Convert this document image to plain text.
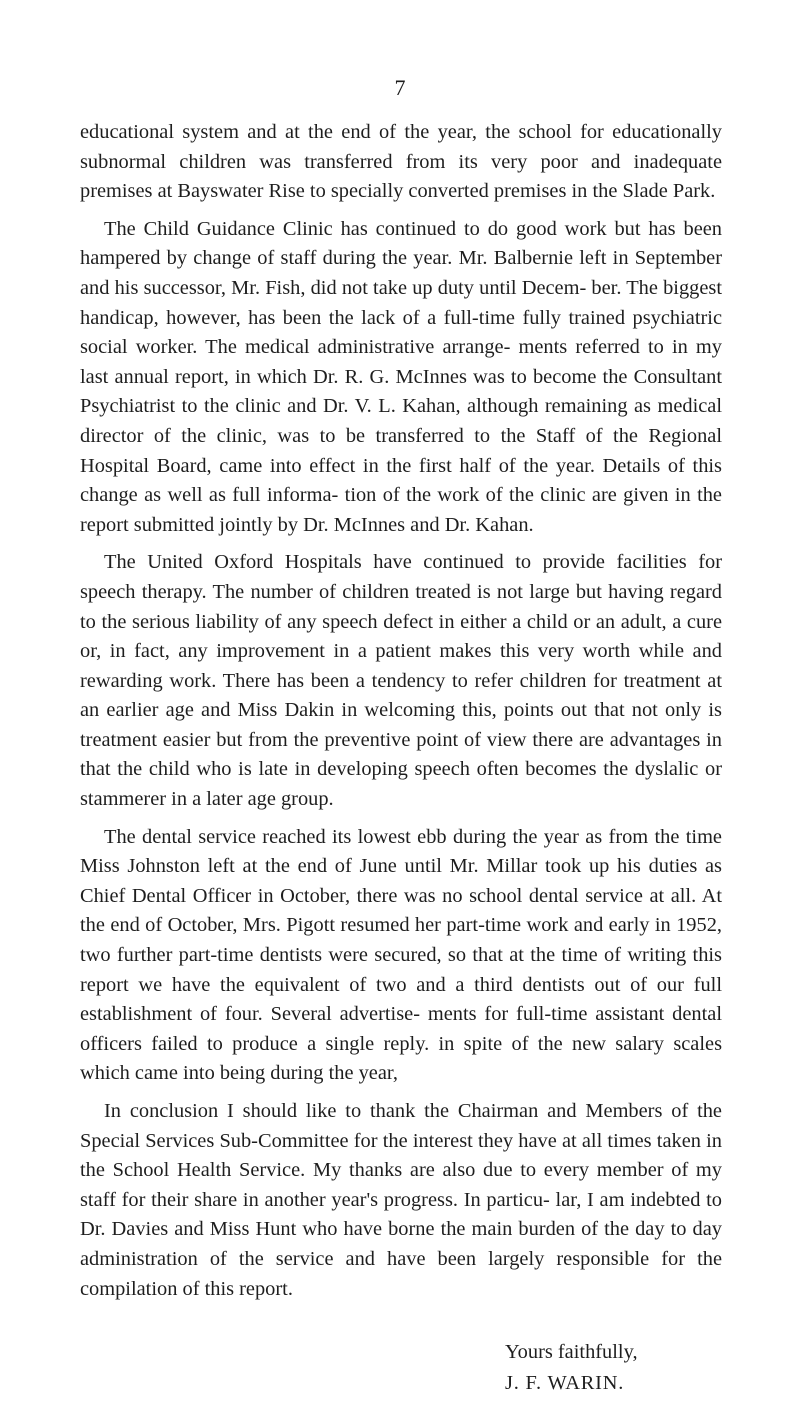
7

educational system and at the end of the year, the school for educationally subnormal children was transferred from its very poor and inadequate premises at Bayswater Rise to specially converted premises in the Slade Park.

The Child Guidance Clinic has continued to do good work but has been hampered by change of staff during the year. Mr. Balbernie left in September and his successor, Mr. Fish, did not take up duty until Decem- ber. The biggest handicap, however, has been the lack of a full-time fully trained psychiatric social worker. The medical administrative arrange- ments referred to in my last annual report, in which Dr. R. G. McInnes was to become the Consultant Psychiatrist to the clinic and Dr. V. L. Kahan, although remaining as medical director of the clinic, was to be transferred to the Staff of the Regional Hospital Board, came into effect in the first half of the year. Details of this change as well as full informa- tion of the work of the clinic are given in the report submitted jointly by Dr. McInnes and Dr. Kahan.

The United Oxford Hospitals have continued to provide facilities for speech therapy. The number of children treated is not large but having regard to the serious liability of any speech defect in either a child or an adult, a cure or, in fact, any improvement in a patient makes this very worth while and rewarding work. There has been a tendency to refer children for treatment at an earlier age and Miss Dakin in welcoming this, points out that not only is treatment easier but from the preventive point of view there are advantages in that the child who is late in developing speech often becomes the dyslalic or stammerer in a later age group.

The dental service reached its lowest ebb during the year as from the time Miss Johnston left at the end of June until Mr. Millar took up his duties as Chief Dental Officer in October, there was no school dental service at all. At the end of October, Mrs. Pigott resumed her part-time work and early in 1952, two further part-time dentists were secured, so that at the time of writing this report we have the equivalent of two and a third dentists out of our full establishment of four. Several advertise- ments for full-time assistant dental officers failed to produce a single reply. in spite of the new salary scales which came into being during the year,

In conclusion I should like to thank the Chairman and Members of the Special Services Sub-Committee for the interest they have at all times taken in the School Health Service. My thanks are also due to every member of my staff for their share in another year's progress. In particu- lar, I am indebted to Dr. Davies and Miss Hunt who have borne the main burden of the day to day administration of the service and have been largely responsible for the compilation of this report.

Yours faithfully,
J. F. WARIN.
